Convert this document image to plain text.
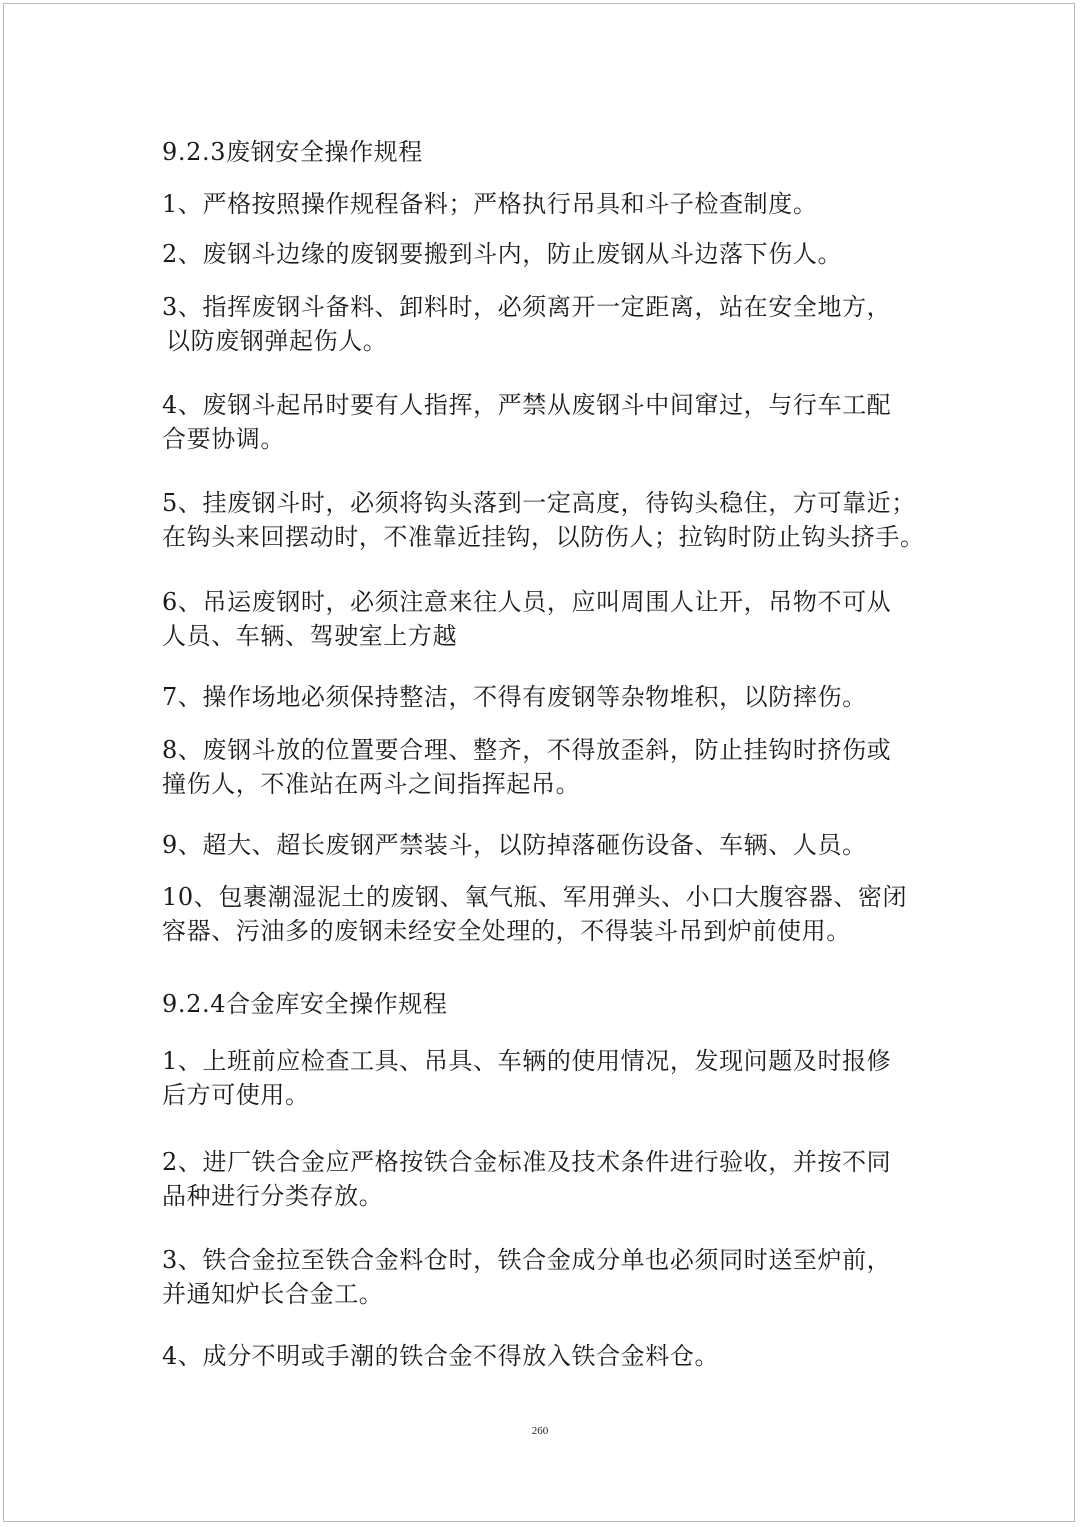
9.2.3废钢安全操作规程
1、严格按照操作规程备料；严格执行吊具和斗子检查制度。
2、废钢斗边缘的废钢要搬到斗内，防止废钢从斗边落下伤人。
3、指挥废钢斗备料、卸料时，必须离开一定距离，站在安全地方，
以防废钢弹起伤人。
4、废钢斗起吊时要有人指挥，严禁从废钢斗中间窜过，与行车工配
合要协调。
5、挂废钢斗时，必须将钩头落到一定高度，待钩头稳住，方可靠近；
在钩头来回摆动时，不准靠近挂钩，以防伤人；拉钩时防止钩头挤手。
6、吊运废钢时，必须注意来往人员，应叫周围人让开，吊物不可从
人员、车辆、驾驶室上方越
7、操作场地必须保持整洁，不得有废钢等杂物堆积，以防摔伤。
8、废钢斗放的位置要合理、整齐，不得放歪斜，防止挂钩时挤伤或
撞伤人，不准站在两斗之间指挥起吊。
9、超大、超长废钢严禁装斗，以防掉落砸伤设备、车辆、人员。
10、包裹潮湿泥土的废钢、氧气瓶、军用弹头、小口大腹容器、密闭
容器、污油多的废钢未经安全处理的，不得装斗吊到炉前使用。
9.2.4合金库安全操作规程
1、上班前应检查工具、吊具、车辆的使用情况，发现问题及时报修
后方可使用。
2、进厂铁合金应严格按铁合金标准及技术条件进行验收，并按不同
品种进行分类存放。
3、铁合金拉至铁合金料仓时，铁合金成分单也必须同时送至炉前，
并通知炉长合金工。
4、成分不明或手潮的铁合金不得放入铁合金料仓。
260
